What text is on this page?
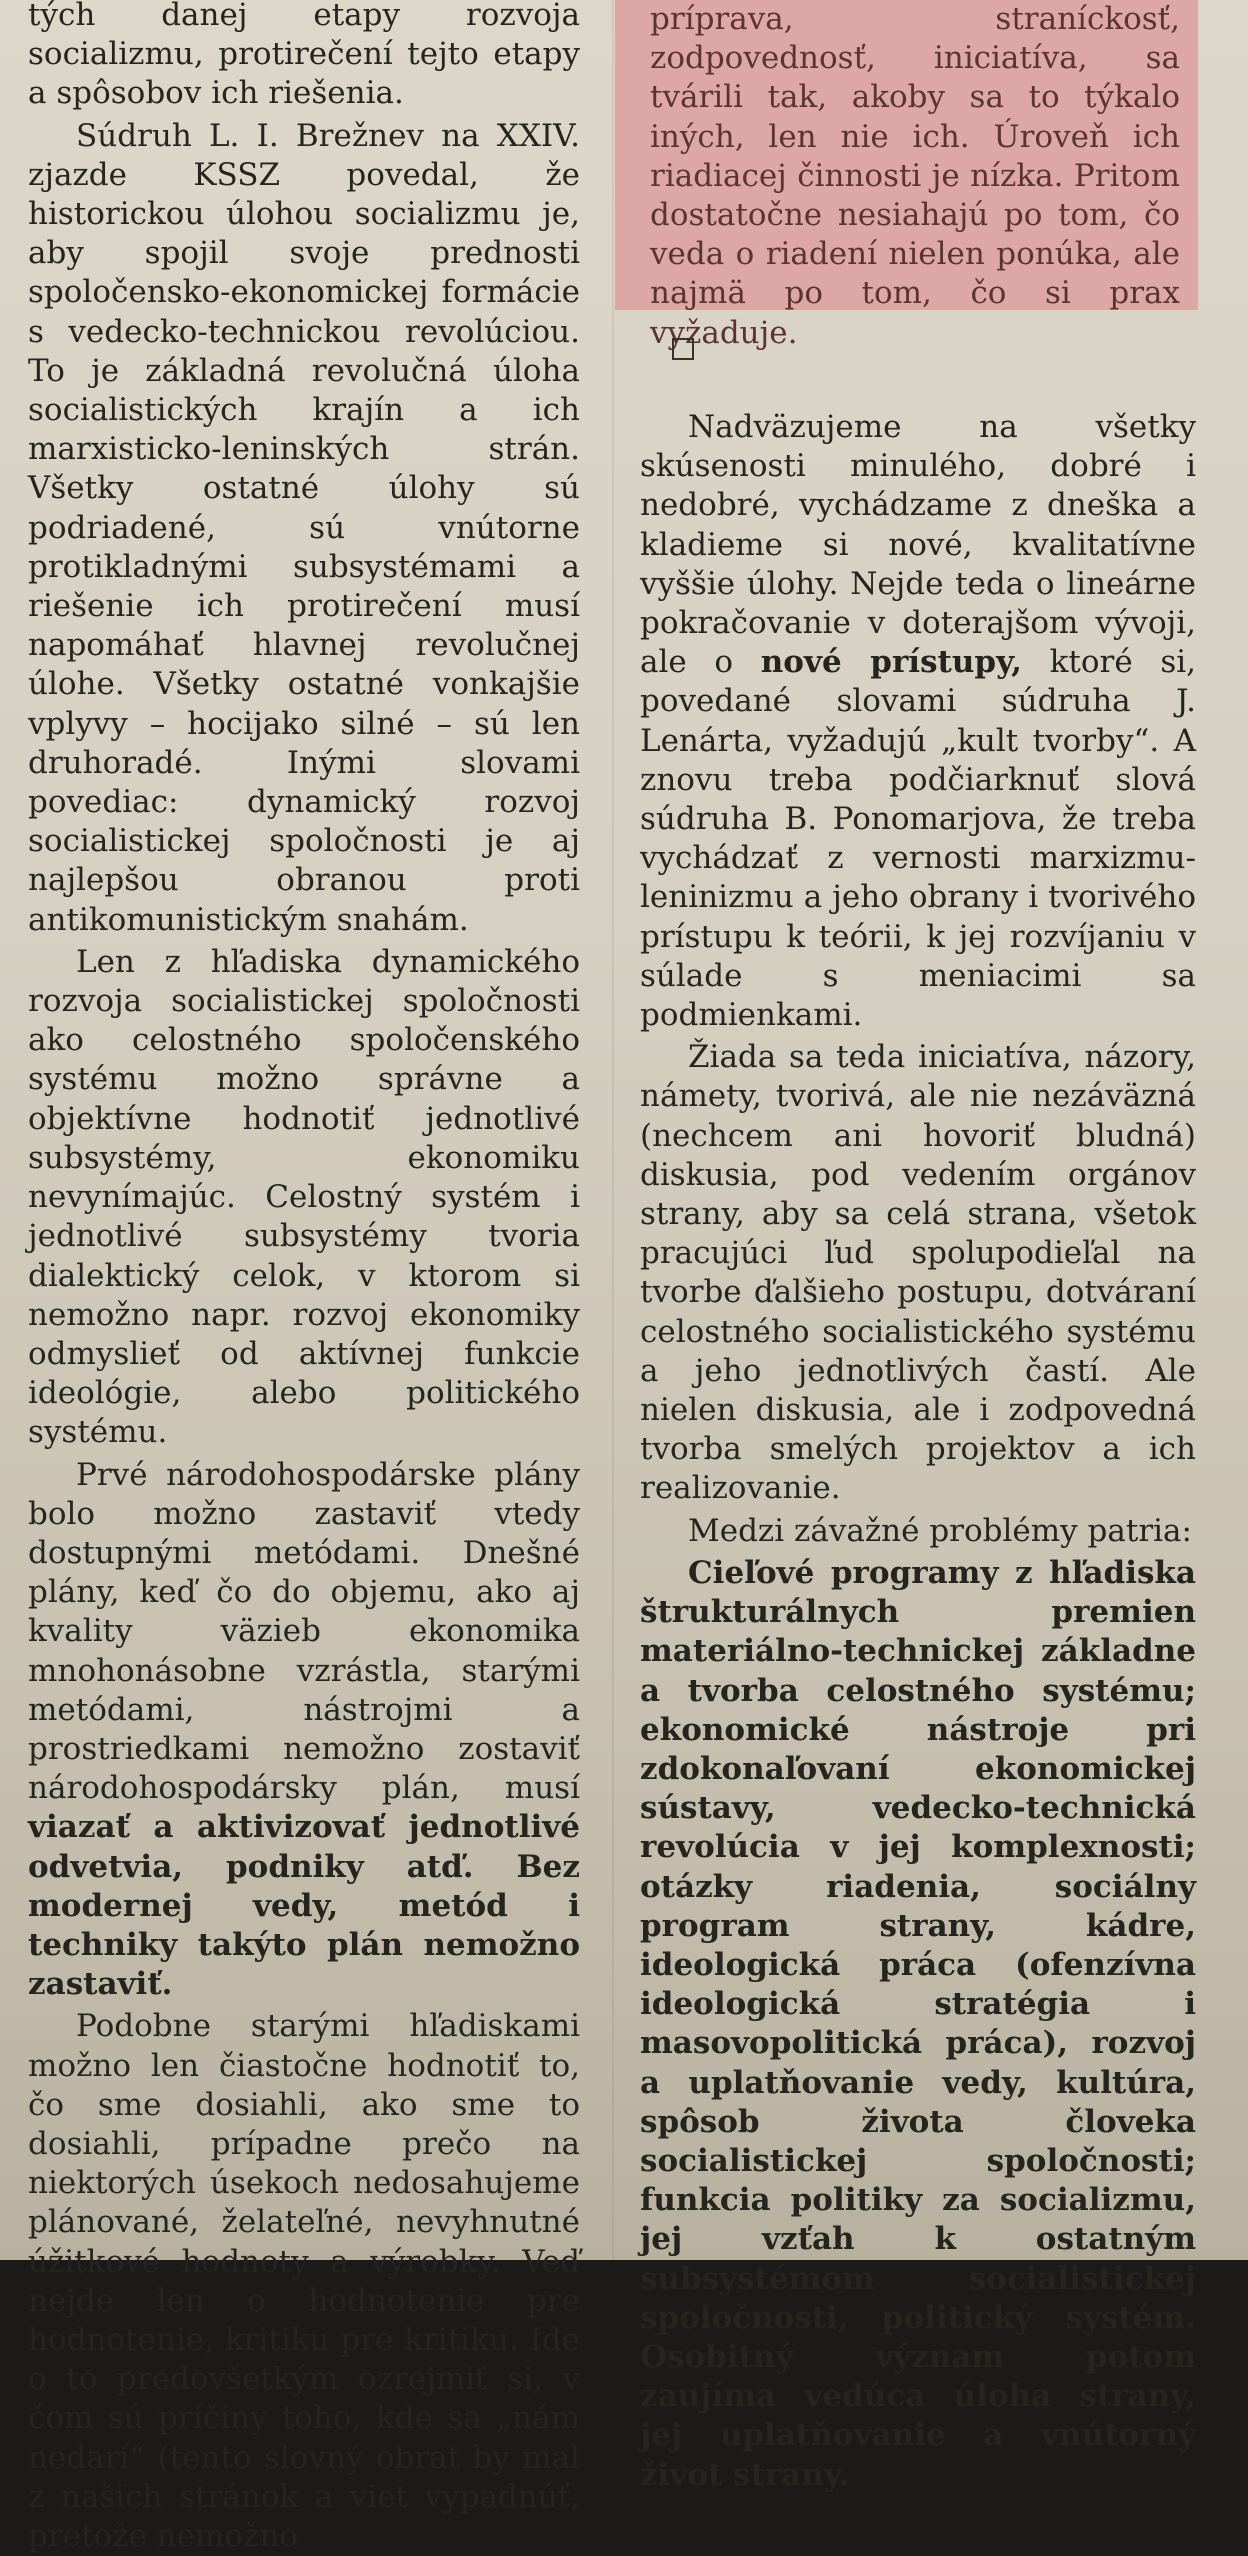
tých danej etapy rozvoja socializmu, protirečení tejto etapy a spôsobov ich riešenia.

Súdruh L. I. Brežnev na XXIV. zjazde KSSZ povedal, že historickou úlohou socializmu je, aby spojil svoje prednosti spoločensko-ekonomickej formácie s vedecko-technickou revolúciou. To je základná revolučná úloha socialistických krajín a ich marxisticko-leninských strán. Všetky ostatné úlohy sú podriadené, sú vnútorne protikladnými subsystémami a riešenie ich protirečení musí napomáhať hlavnej revolučnej úlohe. Všetky ostatné vonkajšie vplyvy – hocijako silné – sú len druhoradé. Inými slovami povediac: dynamický rozvoj socialistickej spoločnosti je aj najlepšou obranou proti antikomunistickým snahám.

Len z hľadiska dynamického rozvoja socialistickej spoločnosti ako celostného spoločenského systému možno správne a objektívne hodnotiť jednotlivé subsystémy, ekonomiku nevynímajúc. Celostný systém i jednotlivé subsystémy tvoria dialektický celok, v ktorom si nemožno napr. rozvoj ekonomiky odmyslieť od aktívnej funkcie ideológie, alebo politického systému.

Prvé národohospodárske plány bolo možno zastaviť vtedy dostupnými metódami. Dnešné plány, keď čo do objemu, ako aj kvality väzieb ekonomika mnohonásobne vzrástla, starými metódami, nástrojmi a prostriedkami nemožno zostaviť národohospodársky plán, musí viazať a aktivizovať jednotlivé odvetvia, podniky atď. Bez modernej vedy, metód i techniky takýto plán nemožno zastaviť.

Podobne starými hľadiskami možno len čiastočne hodnotiť to, čo sme dosiahli, ako sme to dosiahli, prípadne prečo na niektorých úsekoch nedosahujeme plánované, želateľné, nevyhnutné úžitkové hodnoty a výrobky. Veď nejde len o hodnotenie pre hodnotenie, kritiku pre kritiku. Ide o to predovšetkým ozrejmiť si, v čom sú príčiny toho, kde sa „nám nedarí“ (tento slovný obrat by mal z našich stránok a viet vypadnúť, pretože nemožno

príprava, straníckosť, zodpovednosť, iniciatíva, sa tvárili tak, akoby sa to týkalo iných, len nie ich. Úroveň ich riadiacej činnosti je nízka. Pritom dostatočne nesiahajú po tom, čo veda o riadení nielen ponúka, ale najmä po tom, čo si prax vyžaduje.

Nadväzujeme na všetky skúsenosti minulého, dobré i nedobré, vychádzame z dneška a kladieme si nové, kvalitatívne vyššie úlohy. Nejde teda o lineárne pokračovanie v doterajšom vývoji, ale o nové prístupy, ktoré si, povedané slovami súdruha J. Lenárta, vyžadujú „kult tvorby“. A znovu treba podčiarknuť slová súdruha B. Ponomarjova, že treba vychádzať z vernosti marxizmu-leninizmu a jeho obrany i tvorivého prístupu k teórii, k jej rozvíjaniu v súlade s meniacimi sa podmienkami.

Žiada sa teda iniciatíva, názory, námety, tvorivá, ale nie nezáväzná (nechcem ani hovoriť bludná) diskusia, pod vedením orgánov strany, aby sa celá strana, všetok pracujúci ľud spolupodieľal na tvorbe ďalšieho postupu, dotváraní celostného socialistického systému a jeho jednotlivých častí. Ale nielen diskusia, ale i zodpovedná tvorba smelých projektov a ich realizovanie.

Medzi závažné problémy patria:

Cieľové programy z hľadiska štrukturálnych premien materiálno-technickej základne a tvorba celostného systému; ekonomické nástroje pri zdokonaľovaní ekonomickej sústavy, vedecko-technická revolúcia v jej komplexnosti; otázky riadenia, sociálny program strany, kádre, ideologická práca (ofenzívna ideologická stratégia i masovopolitická práca), rozvoj a uplatňovanie vedy, kultúra, spôsob života človeka socialistickej spoločnosti; funkcia politiky za socializmu, jej vzťah k ostatným subsystémom socialistickej spoločnosti, politický systém. Osobitný význam potom zaujíma vedúca úloha strany, jej uplatňovanie a vnútorný život strany.
